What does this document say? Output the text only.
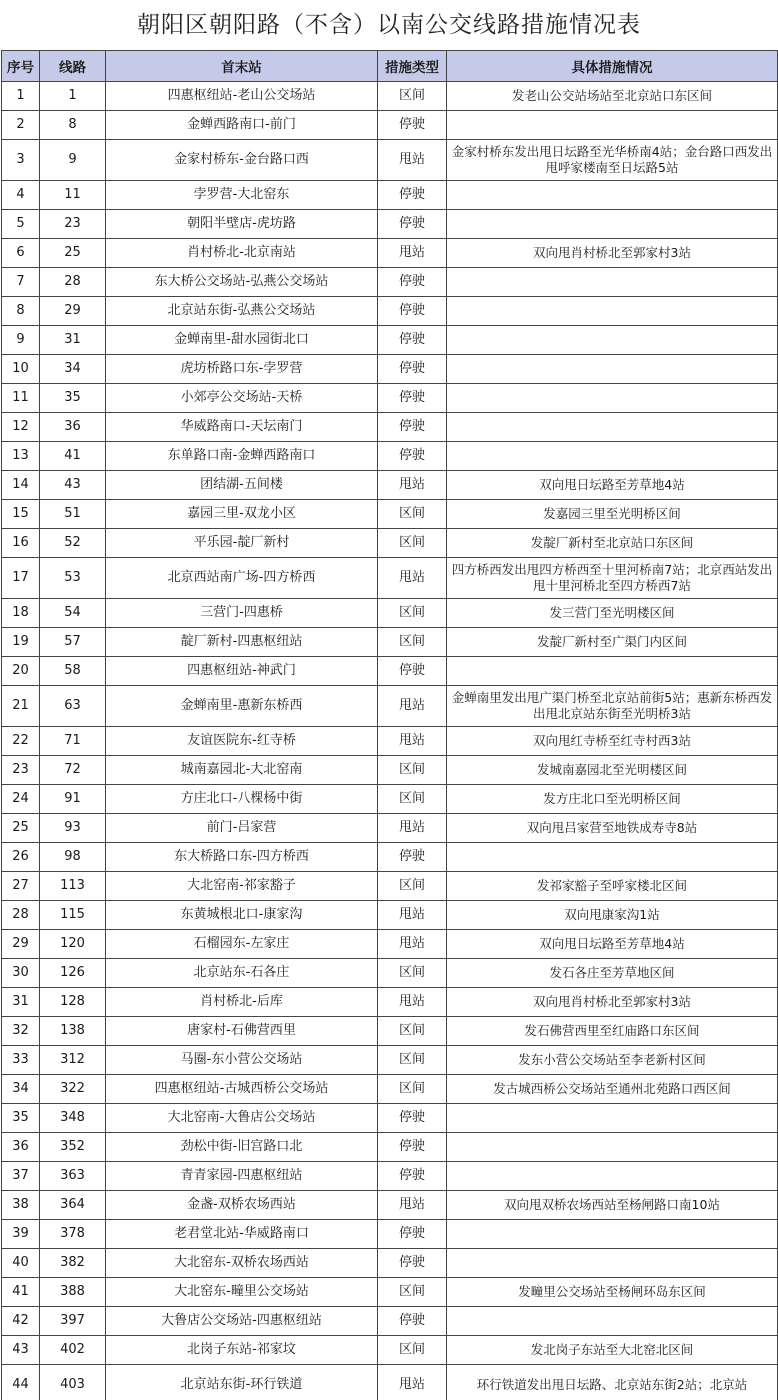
朝阳区朝阳路（不含）以南公交线路措施情况表
序号	线路	首末站	措施类型	具体措施情况
1	1	四惠枢纽站-老山公交场站	区间	发老山公交站场站至北京站口东区间
2	8	金蝉西路南口-前门	停驶	
3	9	金家村桥东-金台路口西	甩站	金家村桥东发出甩日坛路至光华桥南4站；金台路口西发出甩呼家楼南至日坛路5站
4	11	孛罗营-大北窑东	停驶	
5	23	朝阳半壁店-虎坊路	停驶	
6	25	肖村桥北-北京南站	甩站	双向甩肖村桥北至郭家村3站
7	28	东大桥公交场站-弘燕公交场站	停驶	
8	29	北京站东街-弘燕公交场站	停驶	
9	31	金蝉南里-甜水园街北口	停驶	
10	34	虎坊桥路口东-孛罗营	停驶	
11	35	小郊亭公交场站-天桥	停驶	
12	36	华威路南口-天坛南门	停驶	
13	41	东单路口南-金蝉西路南口	停驶	
14	43	团结湖-五间楼	甩站	双向甩日坛路至芳草地4站
15	51	嘉园三里-双龙小区	区间	发嘉园三里至光明桥区间
16	52	平乐园-靛厂新村	区间	发靛厂新村至北京站口东区间
17	53	北京西站南广场-四方桥西	甩站	四方桥西发出甩四方桥西至十里河桥南7站；北京西站发出甩十里河桥北至四方桥西7站
18	54	三营门-四惠桥	区间	发三营门至光明楼区间
19	57	靛厂新村-四惠枢纽站	区间	发靛厂新村至广渠门内区间
20	58	四惠枢纽站-神武门	停驶	
21	63	金蝉南里-惠新东桥西	甩站	金蝉南里发出甩广渠门桥至北京站前街5站；惠新东桥西发出甩北京站东街至光明桥3站
22	71	友谊医院东-红寺桥	甩站	双向甩红寺桥至红寺村西3站
23	72	城南嘉园北-大北窑南	区间	发城南嘉园北至光明楼区间
24	91	方庄北口-八棵杨中街	区间	发方庄北口至光明桥区间
25	93	前门-吕家营	甩站	双向甩吕家营至地铁成寿寺8站
26	98	东大桥路口东-四方桥西	停驶	
27	113	大北窑南-祁家豁子	区间	发祁家豁子至呼家楼北区间
28	115	东黄城根北口-康家沟	甩站	双向甩康家沟1站
29	120	石榴园东-左家庄	甩站	双向甩日坛路至芳草地4站
30	126	北京站东-石各庄	区间	发石各庄至芳草地区间
31	128	肖村桥北-后库	甩站	双向甩肖村桥北至郭家村3站
32	138	唐家村-石佛营西里	区间	发石佛营西里至红庙路口东区间
33	312	马圈-东小营公交场站	区间	发东小营公交场站至李老新村区间
34	322	四惠枢纽站-古城西桥公交场站	区间	发古城西桥公交场站至通州北苑路口西区间
35	348	大北窑南-大鲁店公交场站	停驶	
36	352	劲松中街-旧宫路口北	停驶	
37	363	青青家园-四惠枢纽站	停驶	
38	364	金盏-双桥农场西站	甩站	双向甩双桥农场西站至杨闸路口南10站
39	378	老君堂北站-华威路南口	停驶	
40	382	大北窑东-双桥农场西站	停驶	
41	388	大北窑东-疃里公交场站	区间	发疃里公交场站至杨闸环岛东区间
42	397	大鲁店公交场站-四惠枢纽站	停驶	
43	402	北岗子东站-祁家坟	区间	发北岗子东站至大北窑北区间
44	403	北京站东街-环行铁道	甩站	环行铁道发出甩日坛路、北京站东街2站；北京站
